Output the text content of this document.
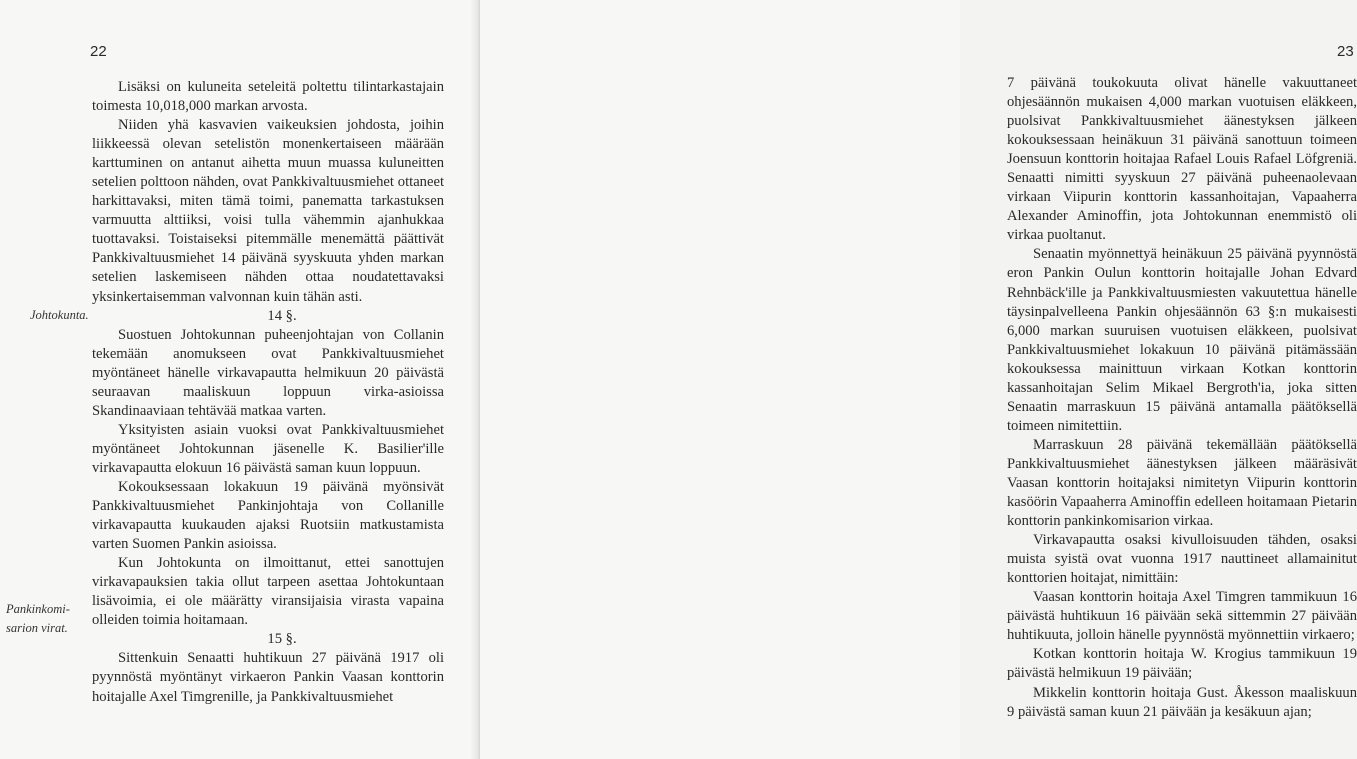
22
Johtokunta.
Pankinkomi-
sarion virat.

Lisäksi on kuluneita seteleitä poltettu tilintarkastajain toimesta 10,018,000 markan arvosta.

Niiden yhä kasvavien vaikeuksien johdosta, joihin liikkeessä olevan setelistön monenkertaiseen määrään karttuminen on antanut aihetta muun muassa kuluneitten setelien polttoon nähden, ovat Pankkivaltuusmiehet ottaneet harkittavaksi, miten tämä toimi, panematta tarkastuksen varmuutta alttiiksi, voisi tulla vähemmin ajanhukkaa tuottavaksi. Toistaiseksi pitemmälle menemättä päättivät Pankkivaltuusmiehet 14 päivänä syyskuuta yhden markan setelien laskemiseen nähden ottaa noudatettavaksi yksinkertaisemman valvonnan kuin tähän asti.

14 §.

Suostuen Johtokunnan puheenjohtajan von Collanin tekemään anomukseen ovat Pankkivaltuusmiehet myöntäneet hänelle virkavapautta helmikuun 20 päivästä seuraavan maaliskuun loppuun virka-asioissa Skandinaaviaan tehtävää matkaa varten.

Yksityisten asiain vuoksi ovat Pankkivaltuusmiehet myöntäneet Johtokunnan jäsenelle K. Basilier'ille virkavapautta elokuun 16 päivästä saman kuun loppuun.

Kokouksessaan lokakuun 19 päivänä myönsivät Pankkivaltuusmiehet Pankinjohtaja von Collanille virkavapautta kuukauden ajaksi Ruotsiin matkustamista varten Suomen Pankin asioissa.

Kun Johtokunta on ilmoittanut, ettei sanottujen virkavapauksien takia ollut tarpeen asettaa Johtokuntaan lisävoimia, ei ole määrätty viransijaisia virasta vapaina olleiden toimia hoitamaan.

15 §.

Sittenkuin Senaatti huhtikuun 27 päivänä 1917 oli pyynnöstä myöntänyt virkaeron Pankin Vaasan konttorin hoitajalle Axel Timgrenille, ja Pankkivaltuusmiehet

23

7 päivänä toukokuuta olivat hänelle vakuuttaneet ohjesäännön mukaisen 4,000 markan vuotuisen eläkkeen, puolsivat Pankkivaltuusmiehet äänestyksen jälkeen kokouksessaan heinäkuun 31 päivänä sanottuun toimeen Joensuun konttorin hoitajaa Rafael Louis Rafael Löfgreniä. Senaatti nimitti syyskuun 27 päivänä puheenaolevaan virkaan Viipurin konttorin kassanhoitajan, Vapaaherra Alexander Aminoffin, jota Johtokunnan enemmistö oli virkaa puoltanut.

Senaatin myönnettyä heinäkuun 25 päivänä pyynnöstä eron Pankin Oulun konttorin hoitajalle Johan Edvard Rehnbäck'ille ja Pankkivaltuusmiesten vakuutettua hänelle täysinpalvelleena Pankin ohjesäännön 63 §:n mukaisesti 6,000 markan suuruisen vuotuisen eläkkeen, puolsivat Pankkivaltuusmiehet lokakuun 10 päivänä pitämässään kokouksessa mainittuun virkaan Kotkan konttorin kassanhoitajan Selim Mikael Bergroth'ia, joka sitten Senaatin marraskuun 15 päivänä antamalla päätöksellä toimeen nimitettiin.

Marraskuun 28 päivänä tekemällään päätöksellä Pankkivaltuusmiehet äänestyksen jälkeen määräsivät Vaasan konttorin hoitajaksi nimitetyn Viipurin konttorin kasöörin Vapaaherra Aminoffin edelleen hoitamaan Pietarin konttorin pankinkomisarion virkaa.

Virkavapautta osaksi kivulloisuuden tähden, osaksi muista syistä ovat vuonna 1917 nauttineet allamainitut konttorien hoitajat, nimittäin:

Vaasan konttorin hoitaja Axel Timgren tammikuun 16 päivästä huhtikuun 16 päivään sekä sittemmin 27 päivään huhtikuuta, jolloin hänelle pyynnöstä myönnettiin virkaero;

Kotkan konttorin hoitaja W. Krogius tammikuun 19 päivästä helmikuun 19 päivään;

Mikkelin konttorin hoitaja Gust. Åkesson maaliskuun 9 päivästä saman kuun 21 päivään ja kesäkuun ajan;
